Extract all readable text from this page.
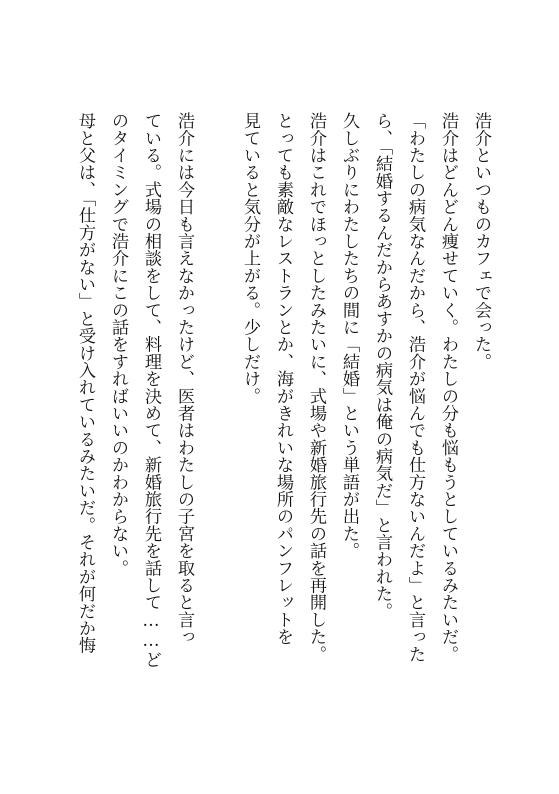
浩介といつものカフェで会った。
浩介はどんどん痩せていく。わたしの分も悩もうとしているみたいだ。
「わたしの病気なんだから、浩介が悩んでも仕方ないんだよ」と言った
ら、「結婚するんだからあすかの病気は俺の病気だ」と言われた。
久しぶりにわたしたちの間に「結婚」という単語が出た。
浩介はこれでほっとしたみたいに、式場や新婚旅行先の話を再開した。
とっても素敵なレストランとか、海がきれいな場所のパンフレットを
見ていると気分が上がる。少しだけ。
浩介には今日も言えなかったけど、医者はわたしの子宮を取ると言っ
ている。式場の相談をして、料理を決めて、新婚旅行先を話して……ど
のタイミングで浩介にこの話をすればいいのかわからない。
母と父は、「仕方がない」と受け入れているみたいだ。それが何だか悔
